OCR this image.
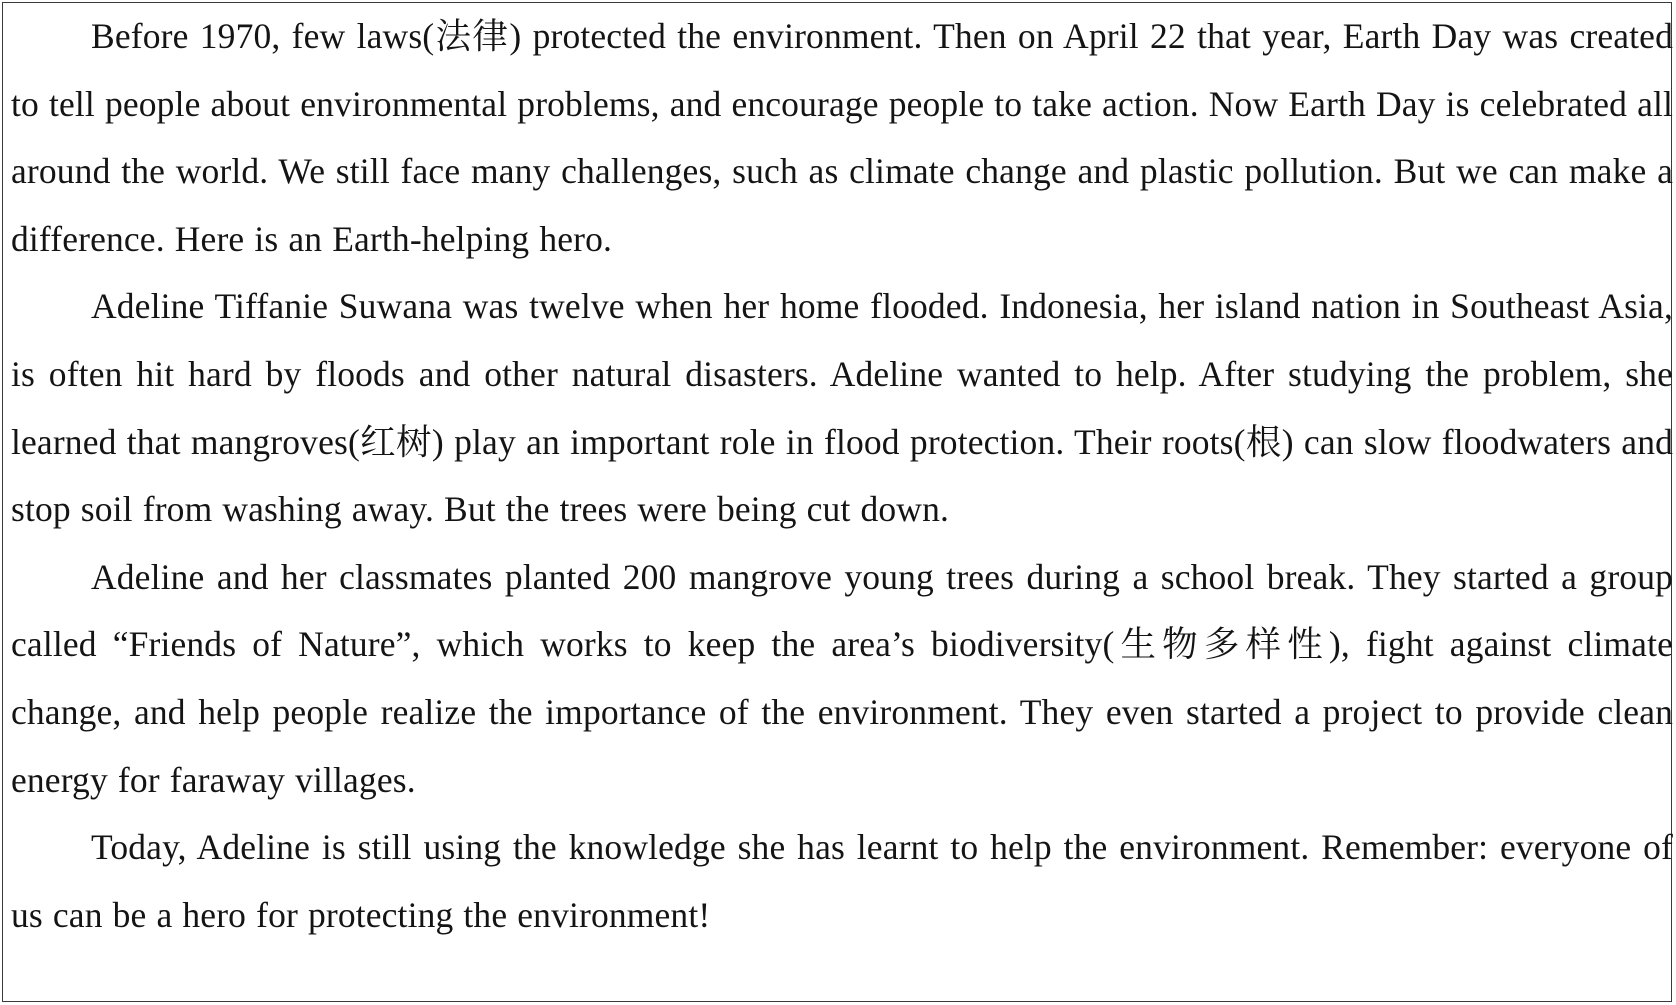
Before 1970, few laws(法律) protected the environment. Then on April 22 that year, Earth Day was created to tell people about environmental problems, and encourage people to take action. Now Earth Day is celebrated all around the world. We still face many challenges, such as climate change and plastic pollution. But we can make a difference. Here is an Earth-helping hero.

Adeline Tiffanie Suwana was twelve when her home flooded. Indonesia, her island nation in Southeast Asia, is often hit hard by floods and other natural disasters. Adeline wanted to help. After studying the problem, she learned that mangroves(红树) play an important role in flood protection. Their roots(根) can slow floodwaters and stop soil from washing away. But the trees were being cut down.

Adeline and her classmates planted 200 mangrove young trees during a school break. They started a group called “Friends of Nature”, which works to keep the area’s biodiversity(生物多样性), fight against climate change, and help people realize the importance of the environment. They even started a project to provide clean energy for faraway villages.

Today, Adeline is still using the knowledge she has learnt to help the environment. Remember: everyone of us can be a hero for protecting the environment!
